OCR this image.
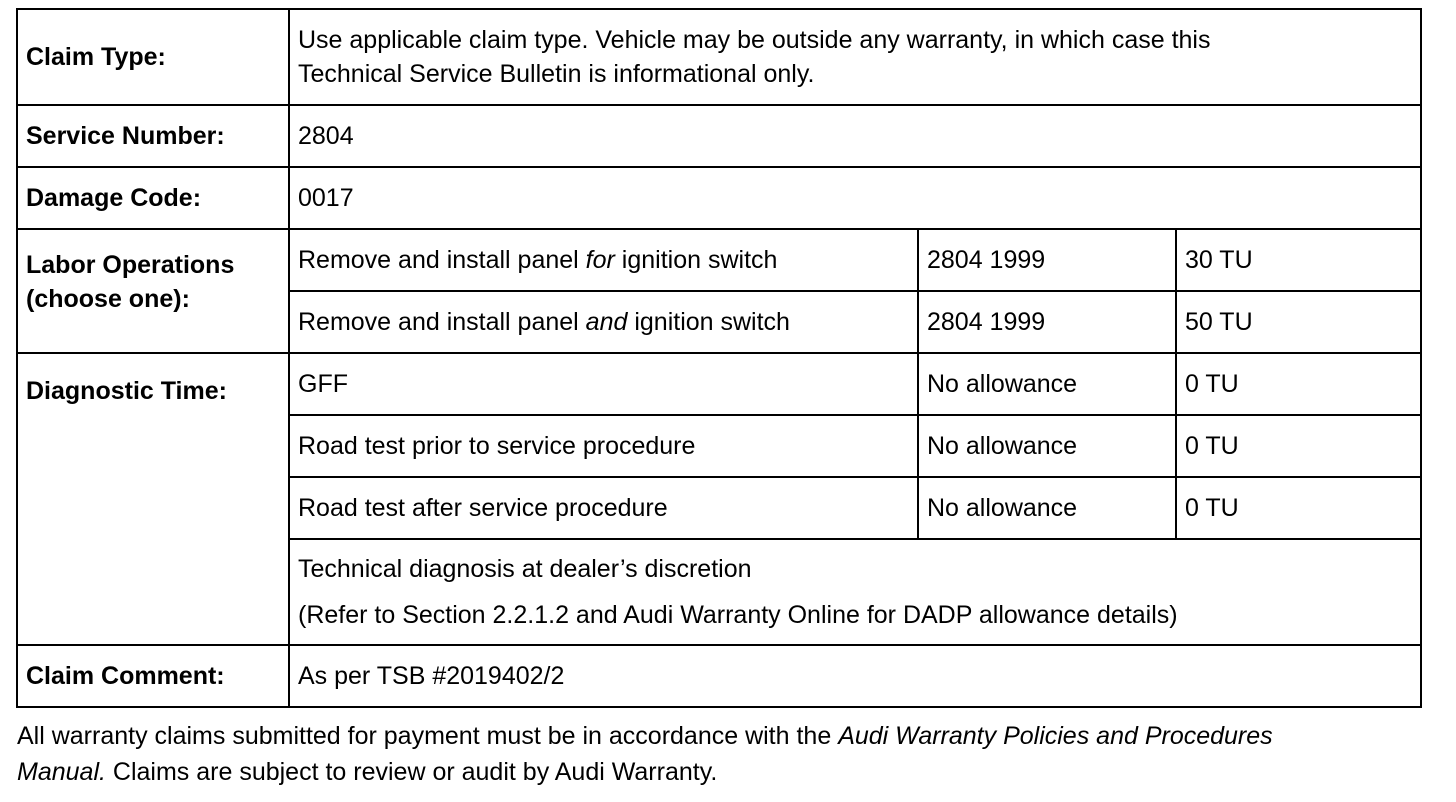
Claim Type:	Use applicable claim type. Vehicle may be outside any warranty, in which case this
Technical Service Bulletin is informational only.		

Service Number:	2804		
Damage Code:	0017		

Labor Operations
(choose one):	Remove and install panel for ignition switch	2804 1999	30 TU
	Remove and install panel and ignition switch	2804 1999	50 TU
Diagnostic Time:	GFF	No allowance	0 TU
	Road test prior to service procedure	No allowance	0 TU
	Road test after service procedure	No allowance	0 TU

	Technical diagnosis at dealer’s discretion
(Refer to Section 2.2.1.2 and Audi Warranty Online for DADP allowance details)		

Claim Comment:	As per TSB #2019402/2		
All warranty claims submitted for payment must be in accordance with the Audi Warranty Policies and Procedures
Manual. Claims are subject to review or audit by Audi Warranty.
